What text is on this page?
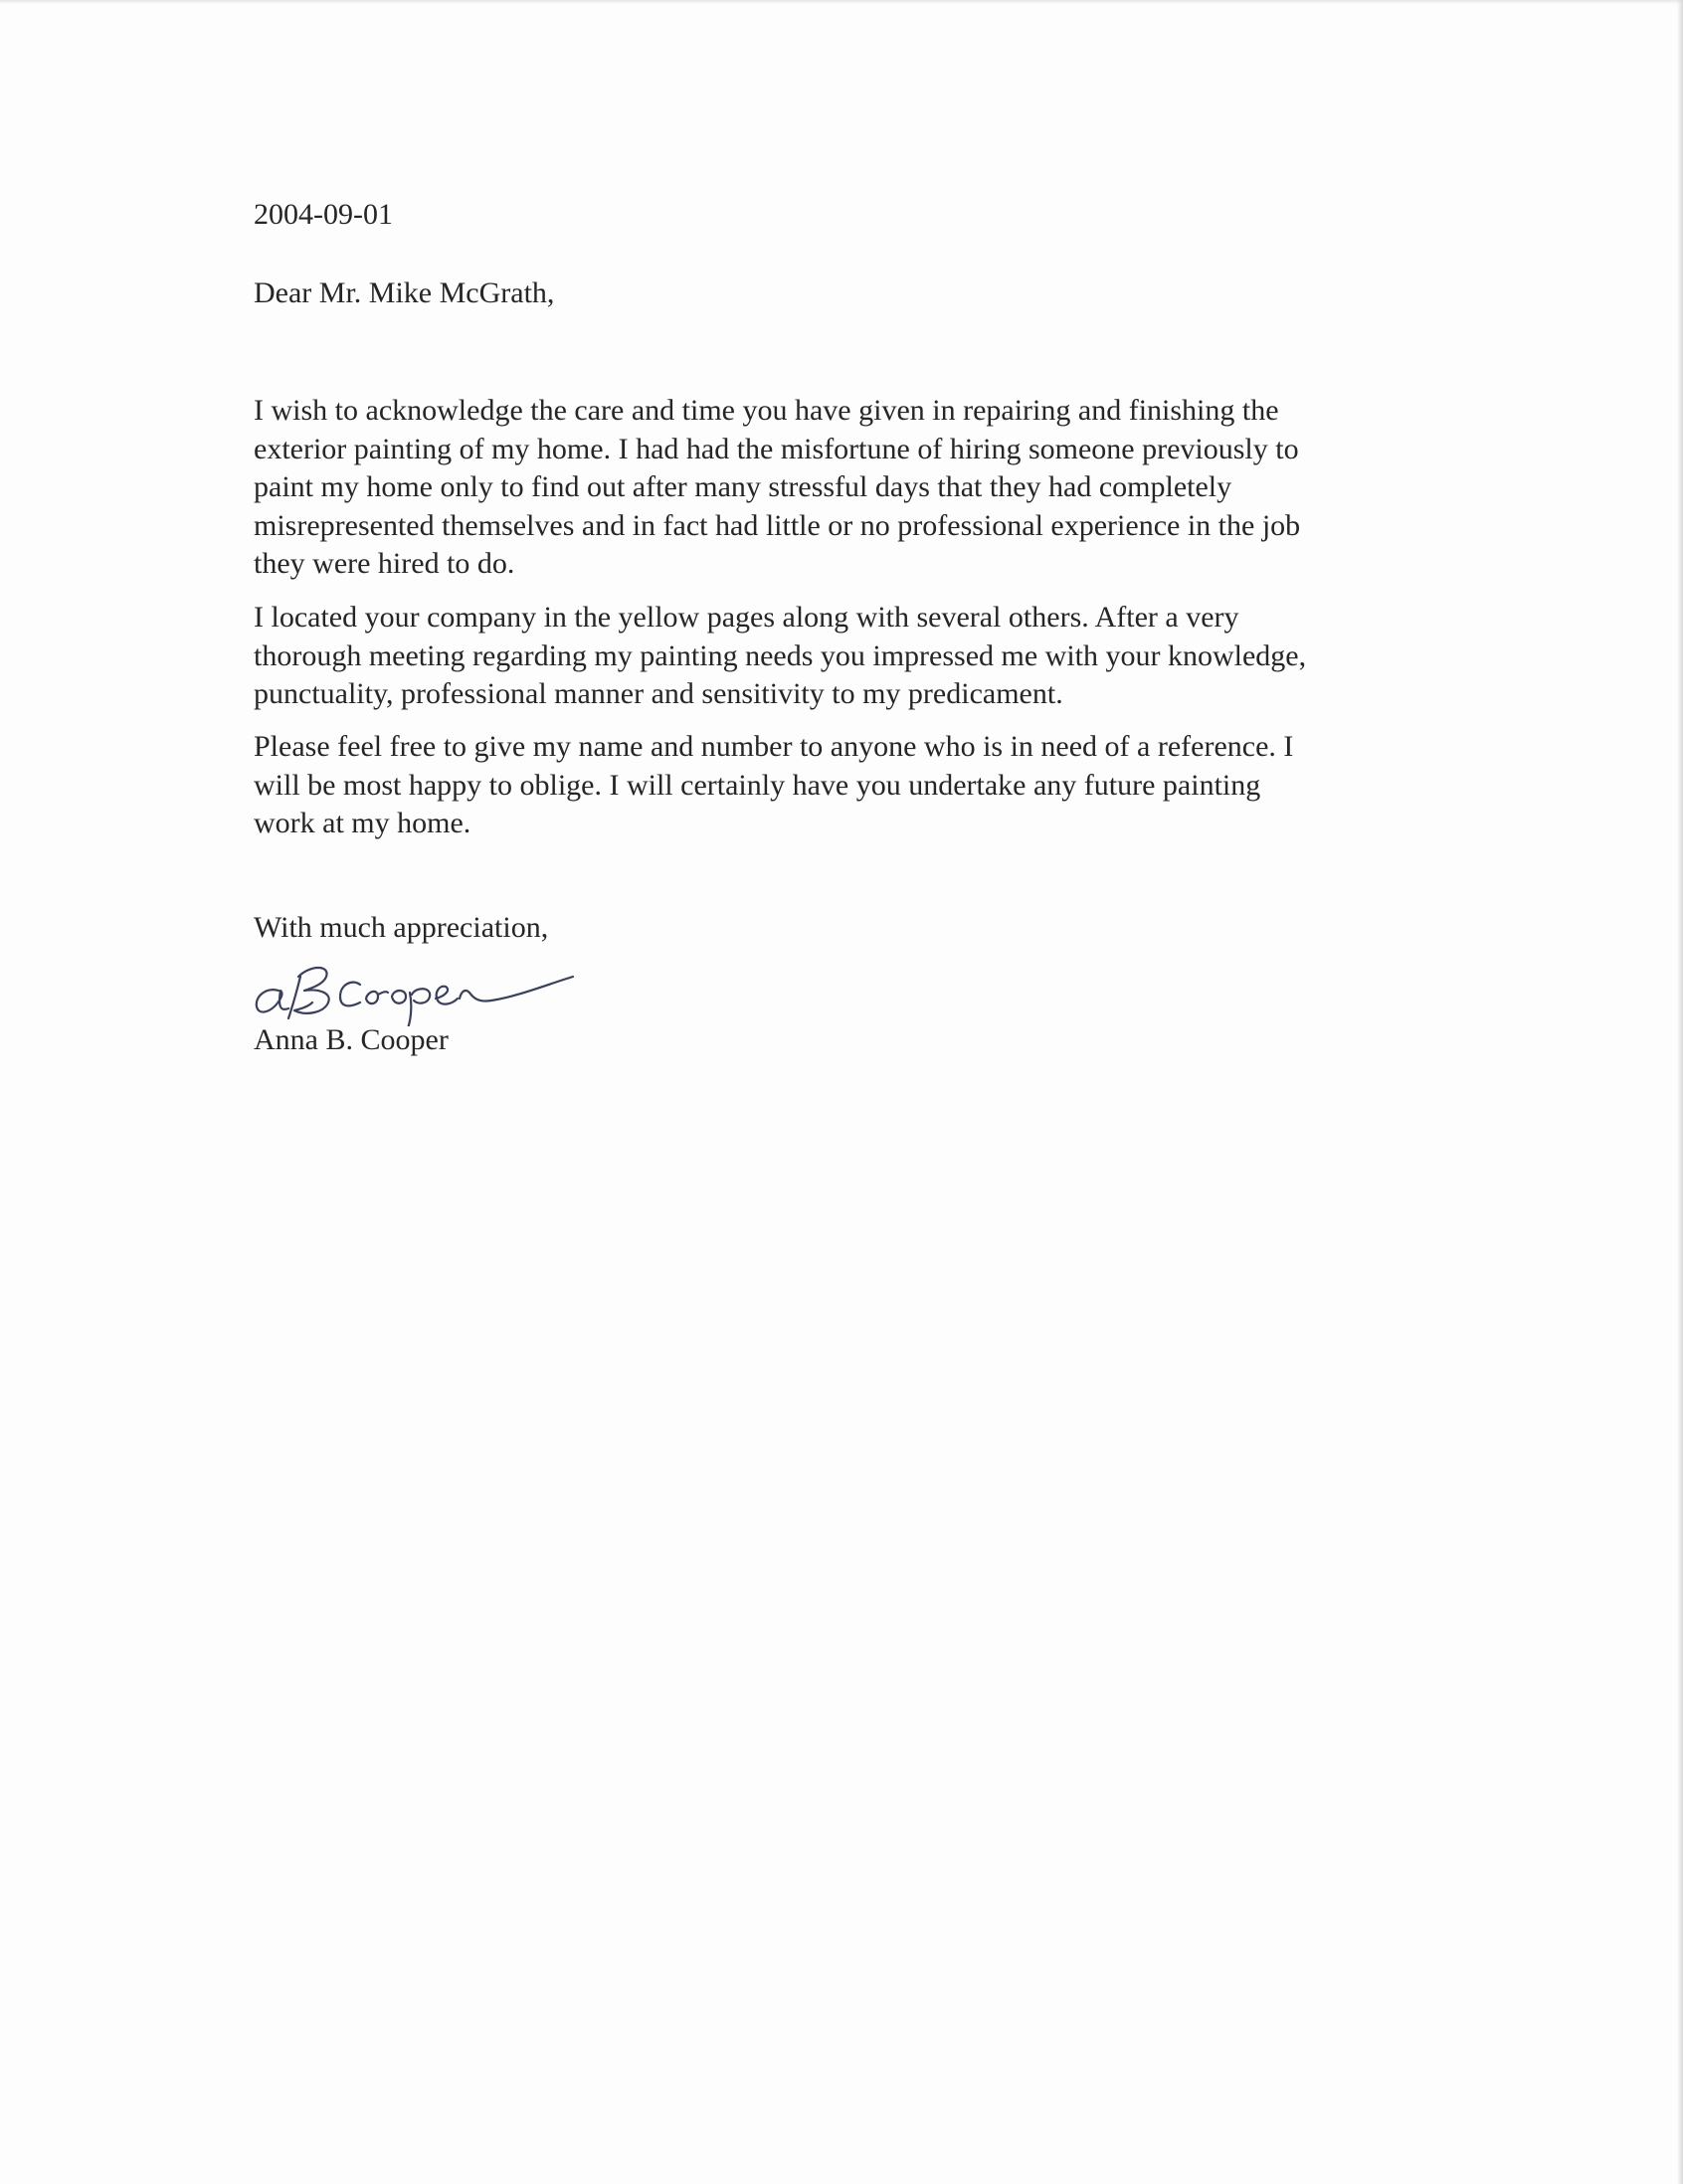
2004-09-01
Dear Mr. Mike McGrath,
I wish to acknowledge the care and time you have given in repairing and finishing the
exterior painting of my home. I had had the misfortune of hiring someone previously to
paint my home only to find out after many stressful days that they had completely
misrepresented themselves and in fact had little or no professional experience in the job
they were hired to do.
I located your company in the yellow pages along with several others. After a very
thorough meeting regarding my painting needs you impressed me with your knowledge,
punctuality, professional manner and sensitivity to my predicament.
Please feel free to give my name and number to anyone who is in need of a reference. I
will be most happy to oblige. I will certainly have you undertake any future painting
work at my home.
With much appreciation,
Anna B. Cooper
